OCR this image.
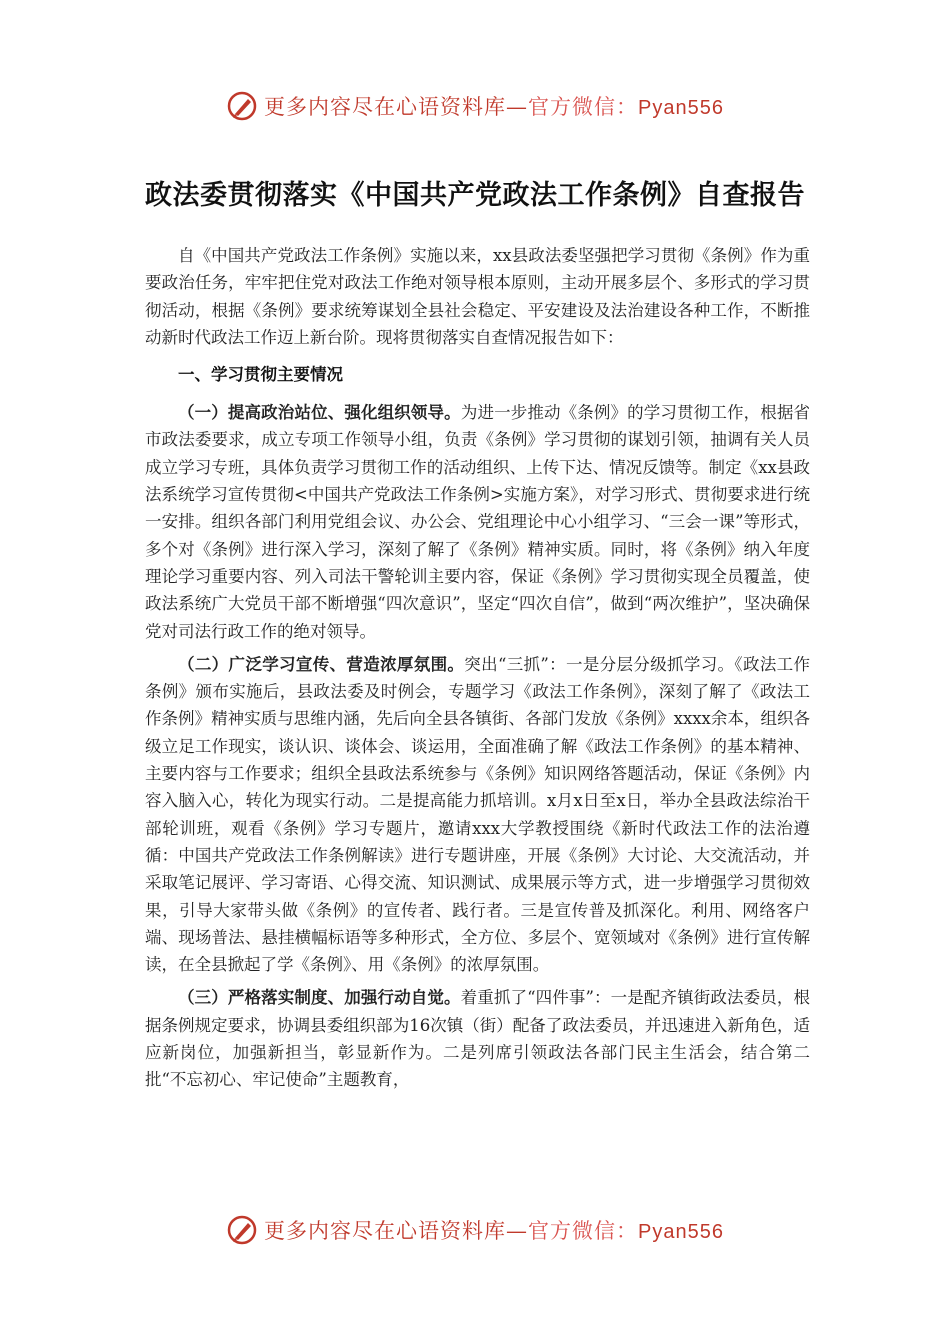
更多内容尽在心语资料库—官方微信：Pyan556
政法委贯彻落实《中国共产党政法工作条例》自查报告

自《中国共产党政法工作条例》实施以来，xx县政法委坚强把学习贯彻《条例》作为重要政治任务，牢牢把住党对政法工作绝对领导根本原则，主动开展多层个、多形式的学习贯彻活动，根据《条例》要求统筹谋划全县社会稳定、平安建设及法治建设各种工作，不断推动新时代政法工作迈上新台阶。现将贯彻落实自查情况报告如下：

一、学习贯彻主要情况

（一）提高政治站位、强化组织领导。为进一步推动《条例》的学习贯彻工作，根据省市政法委要求，成立专项工作领导小组，负责《条例》学习贯彻的谋划引领，抽调有关人员成立学习专班，具体负责学习贯彻工作的活动组织、上传下达、情况反馈等。制定《xx县政法系统学习宣传贯彻<中国共产党政法工作条例>实施方案》，对学习形式、贯彻要求进行统一安排。组织各部门利用党组会议、办公会、党组理论中心小组学习、“三会一课”等形式，多个对《条例》进行深入学习，深刻了解了《条例》精神实质。同时，将《条例》纳入年度理论学习重要内容、列入司法干警轮训主要内容，保证《条例》学习贯彻实现全员覆盖，使政法系统广大党员干部不断增强“四次意识”，坚定“四次自信”，做到“两次维护”，坚决确保党对司法行政工作的绝对领导。

（二）广泛学习宣传、营造浓厚氛围。突出“三抓”：一是分层分级抓学习。《政法工作条例》颁布实施后，县政法委及时例会，专题学习《政法工作条例》，深刻了解了《政法工作条例》精神实质与思维内涵，先后向全县各镇街、各部门发放《条例》xxxx余本，组织各级立足工作现实，谈认识、谈体会、谈运用，全面准确了解《政法工作条例》的基本精神、主要内容与工作要求；组织全县政法系统参与《条例》知识网络答题活动，保证《条例》内容入脑入心，转化为现实行动。二是提高能力抓培训。x月x日至x日，举办全县政法综治干部轮训班，观看《条例》学习专题片，邀请xxx大学教授围绕《新时代政法工作的法治遵循：中国共产党政法工作条例解读》进行专题讲座，开展《条例》大讨论、大交流活动，并采取笔记展评、学习寄语、心得交流、知识测试、成果展示等方式，进一步增强学习贯彻效果，引导大家带头做《条例》的宣传者、践行者。三是宣传普及抓深化。利用、网络客户端、现场普法、悬挂横幅标语等多种形式，全方位、多层个、宽领域对《条例》进行宣传解读，在全县掀起了学《条例》、用《条例》的浓厚氛围。

（三）严格落实制度、加强行动自觉。着重抓了“四件事”：一是配齐镇街政法委员，根据条例规定要求，协调县委组织部为16次镇（街）配备了政法委员，并迅速进入新角色，适应新岗位，加强新担当，彰显新作为。二是列席引领政法各部门民主生活会，结合第二批“不忘初心、牢记使命”主题教育，

更多内容尽在心语资料库—官方微信：Pyan556
